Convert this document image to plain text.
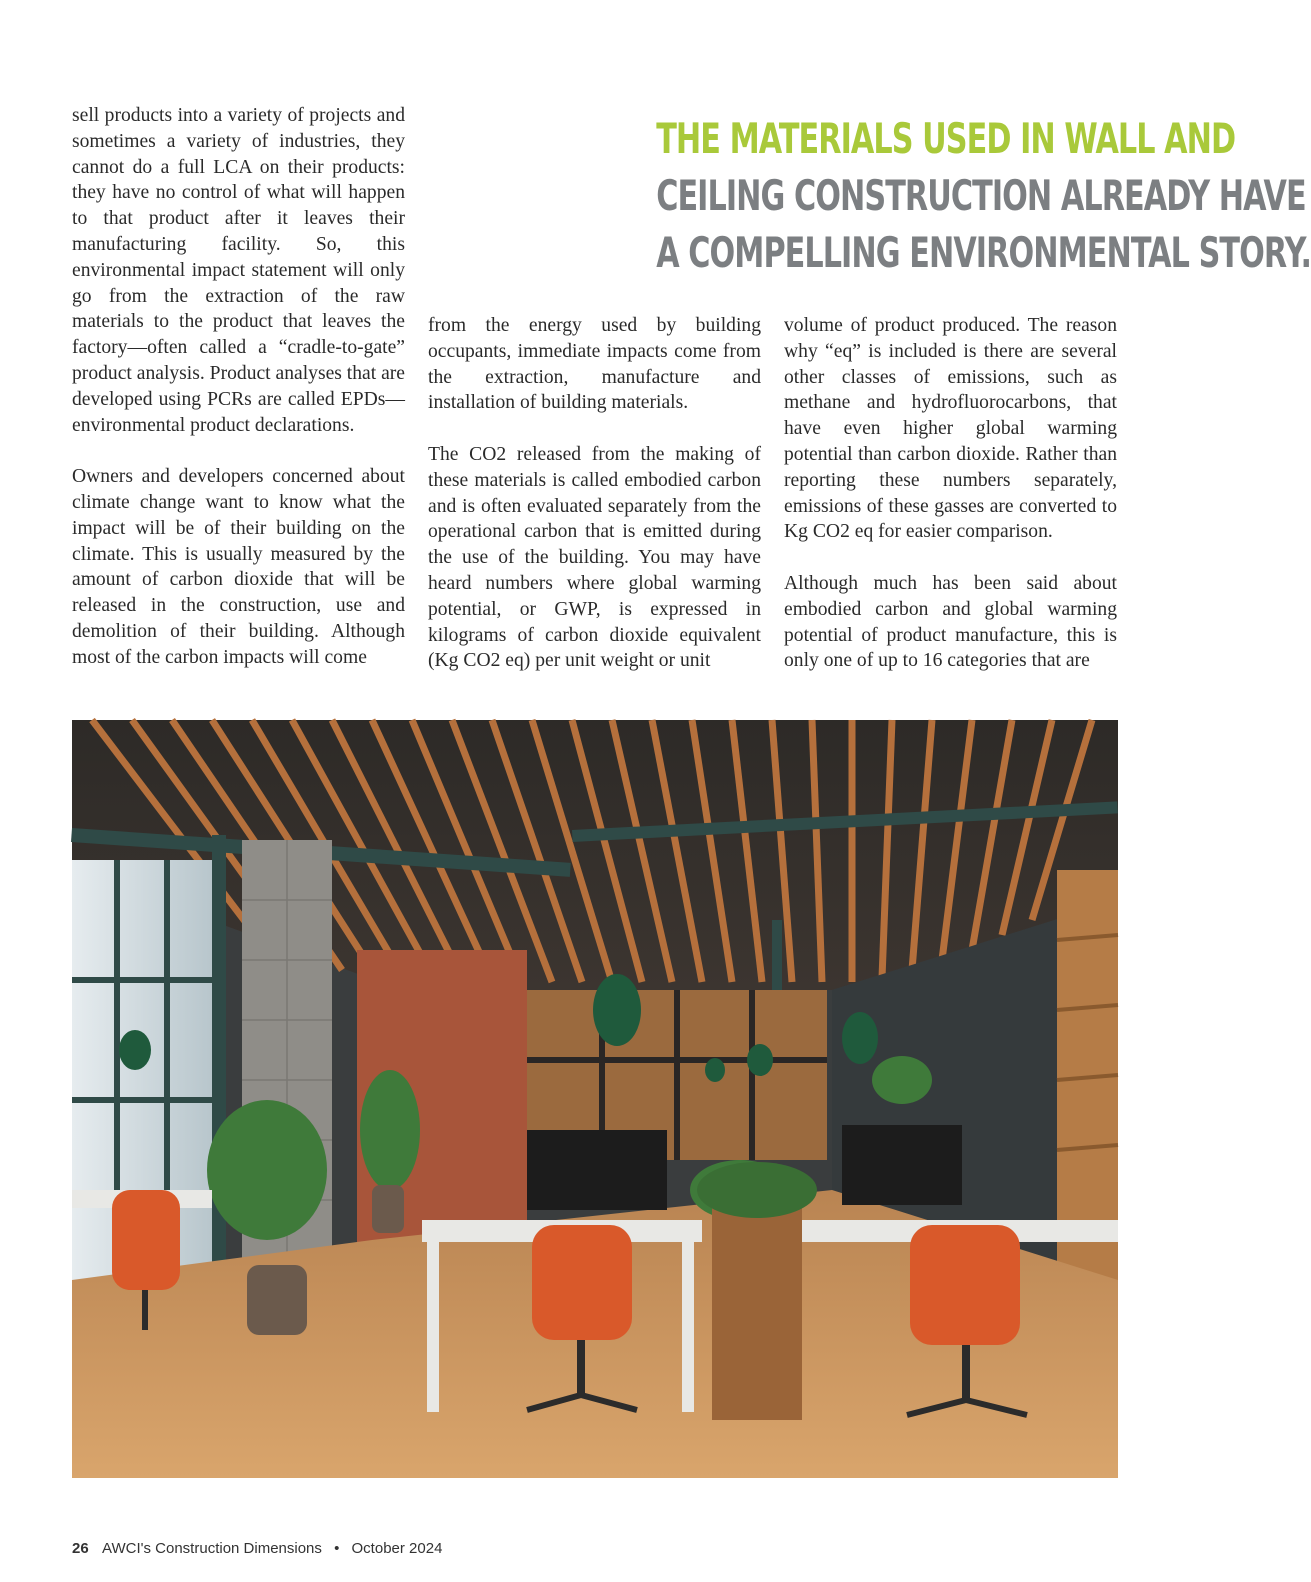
sell products into a variety of projects and sometimes a variety of industries, they cannot do a full LCA on their products: they have no control of what will happen to that product after it leaves their manufacturing facility. So, this environmental impact statement will only go from the extraction of the raw materials to the product that leaves the factory—often called a “cradle-to-gate” product analysis. Product analyses that are developed using PCRs are called EPDs—environmental product declarations.

Owners and developers concerned about climate change want to know what the impact will be of their building on the climate. This is usually measured by the amount of carbon dioxide that will be released in the construction, use and demolition of their building. Although most of the carbon impacts will come

THE MATERIALS USED IN WALL AND
CEILING CONSTRUCTION ALREADY HAVE
A COMPELLING ENVIRONMENTAL STORY.

from the energy used by building occupants, immediate impacts come from the extraction, manufacture and installation of building materials.

The CO2 released from the making of these materials is called embodied carbon and is often evaluated separately from the operational carbon that is emitted during the use of the building. You may have heard numbers where global warming potential, or GWP, is expressed in kilograms of carbon dioxide equivalent (Kg CO2 eq) per unit weight or unit

volume of product produced. The reason why “eq” is included is there are several other classes of emissions, such as methane and hydrofluorocarbons, that have even higher global warming potential than carbon dioxide. Rather than reporting these numbers separately, emissions of these gasses are converted to Kg CO2 eq for easier comparison.

Although much has been said about embodied carbon and global warming potential of product manufacture, this is only one of up to 16 categories that are

26 AWCI's Construction Dimensions • October 2024
